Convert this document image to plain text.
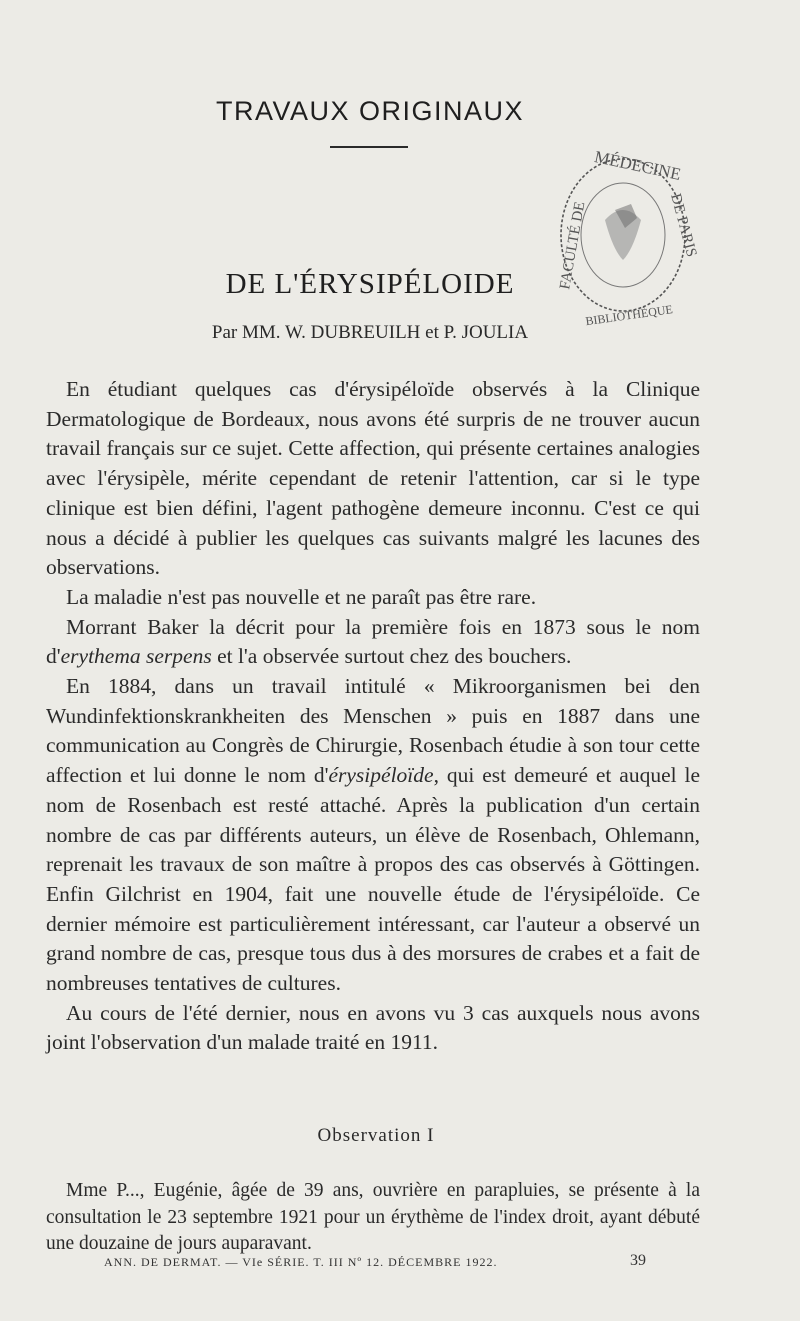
TRAVAUX ORIGINAUX
MÉDECINE
FACULTÉ DE	DE PARIS
BIBLIOTHÈQUE
DE L'ÉRYSIPÉLOIDE
Par MM. W. DUBREUILH et P. JOULIA

En étudiant quelques cas d'érysipéloïde observés à la Clinique Dermatologique de Bordeaux, nous avons été surpris de ne trouver aucun travail français sur ce sujet. Cette affection, qui présente certaines analogies avec l'érysipèle, mérite cependant de retenir l'attention, car si le type clinique est bien défini, l'agent pathogène demeure inconnu. C'est ce qui nous a décidé à publier les quelques cas suivants malgré les lacunes des observations.

La maladie n'est pas nouvelle et ne paraît pas être rare.

Morrant Baker la décrit pour la première fois en 1873 sous le nom d'erythema serpens et l'a observée surtout chez des bouchers.

En 1884, dans un travail intitulé « Mikroorganismen bei den Wundinfektionskrankheiten des Menschen » puis en 1887 dans une communication au Congrès de Chirurgie, Rosenbach étudie à son tour cette affection et lui donne le nom d'érysipéloïde, qui est demeuré et auquel le nom de Rosenbach est resté attaché. Après la publication d'un certain nombre de cas par différents auteurs, un élève de Rosenbach, Ohlemann, reprenait les travaux de son maître à propos des cas observés à Göttingen. Enfin Gilchrist en 1904, fait une nouvelle étude de l'érysipéloïde. Ce dernier mémoire est particulièrement intéressant, car l'auteur a observé un grand nombre de cas, presque tous dus à des morsures de crabes et a fait de nombreuses tentatives de cultures.

Au cours de l'été dernier, nous en avons vu 3 cas auxquels nous avons joint l'observation d'un malade traité en 1911.

Observation I

Mme P..., Eugénie, âgée de 39 ans, ouvrière en parapluies, se présente à la consultation le 23 septembre 1921 pour un érythème de l'index droit, ayant débuté une douzaine de jours auparavant.

ANN. DE DERMAT. — VIe SÉRIE. T. III Nº 12. DÉCEMBRE 1922.	39
